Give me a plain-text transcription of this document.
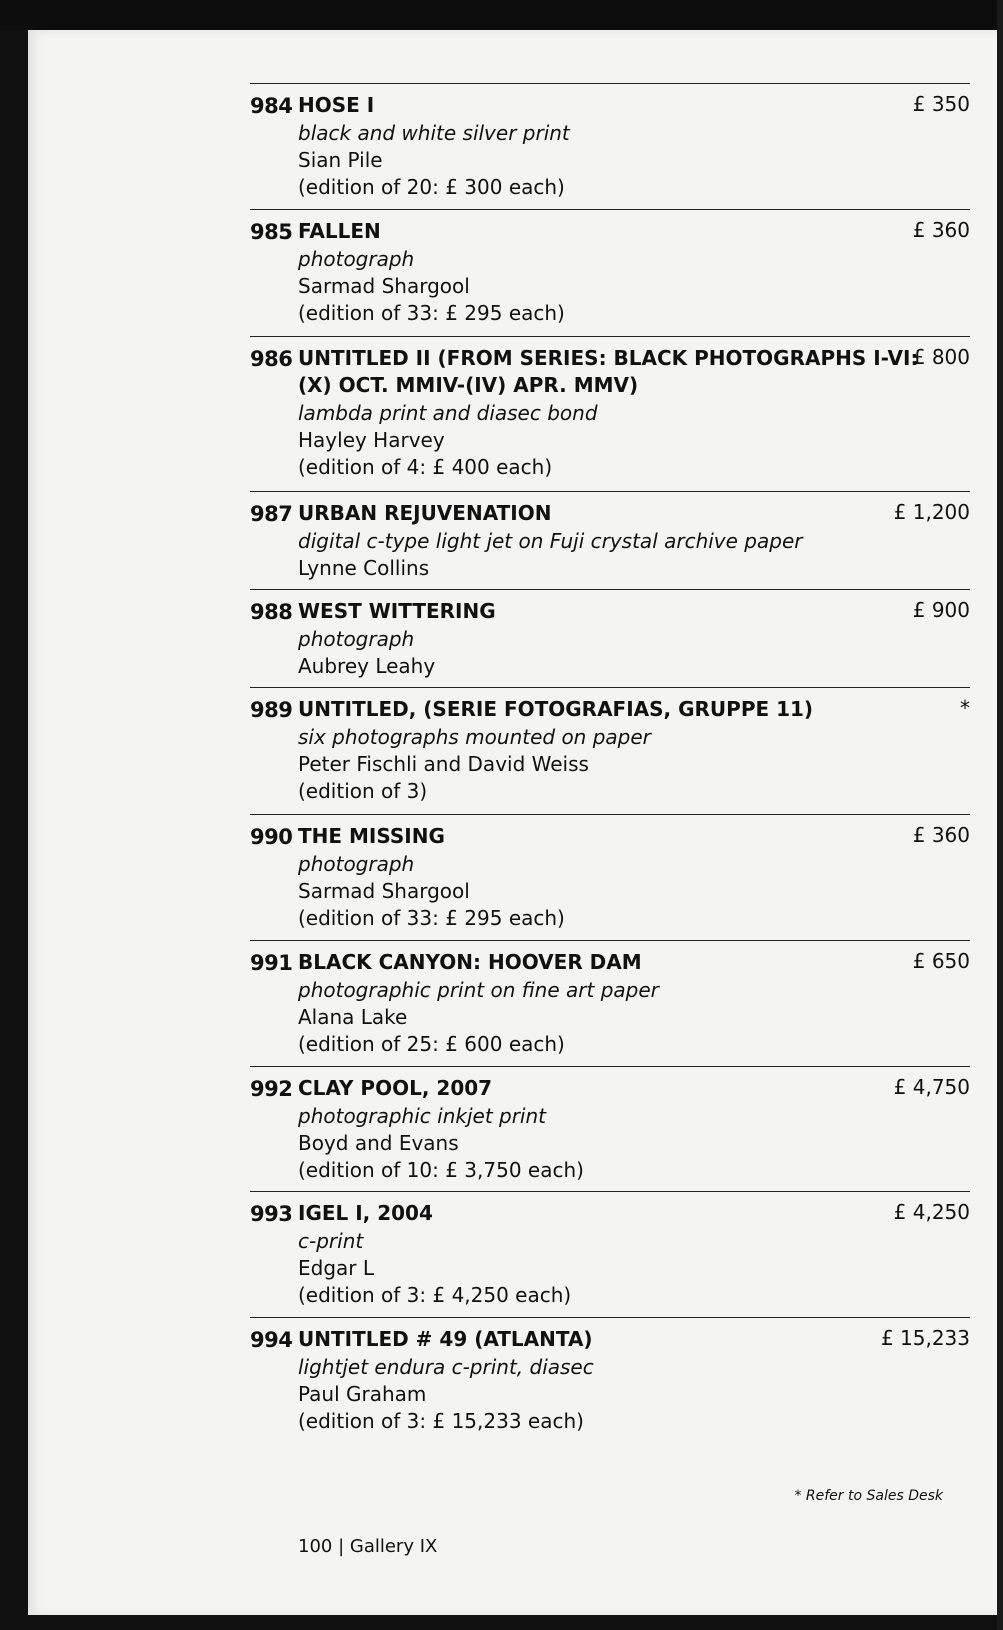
984 HOSE I
black and white silver print
Sian Pile
(edition of 20: £ 300 each)
£ 350
985 FALLEN
photograph
Sarmad Shargool
(edition of 33: £ 295 each)
£ 360
986 UNTITLED II (FROM SERIES: BLACK PHOTOGRAPHS I-VI:
(X) OCT. MMIV-(IV) APR. MMV)
lambda print and diasec bond
Hayley Harvey
(edition of 4: £ 400 each)
£ 800
987 URBAN REJUVENATION
digital c-type light jet on Fuji crystal archive paper
Lynne Collins
£ 1,200
988 WEST WITTERING
photograph
Aubrey Leahy
£ 900
989 UNTITLED, (SERIE FOTOGRAFIAS, GRUPPE 11)
six photographs mounted on paper
Peter Fischli and David Weiss
(edition of 3)
*
990 THE MISSING
photograph
Sarmad Shargool
(edition of 33: £ 295 each)
£ 360
991 BLACK CANYON: HOOVER DAM
photographic print on fine art paper
Alana Lake
(edition of 25: £ 600 each)
£ 650
992 CLAY POOL, 2007
photographic inkjet print
Boyd and Evans
(edition of 10: £ 3,750 each)
£ 4,750
993 IGEL I, 2004
c-print
Edgar L
(edition of 3: £ 4,250 each)
£ 4,250
994 UNTITLED # 49 (ATLANTA)
lightjet endura c-print, diasec
Paul Graham
(edition of 3: £ 15,233 each)
£ 15,233
* Refer to Sales Desk
100 | Gallery IX
